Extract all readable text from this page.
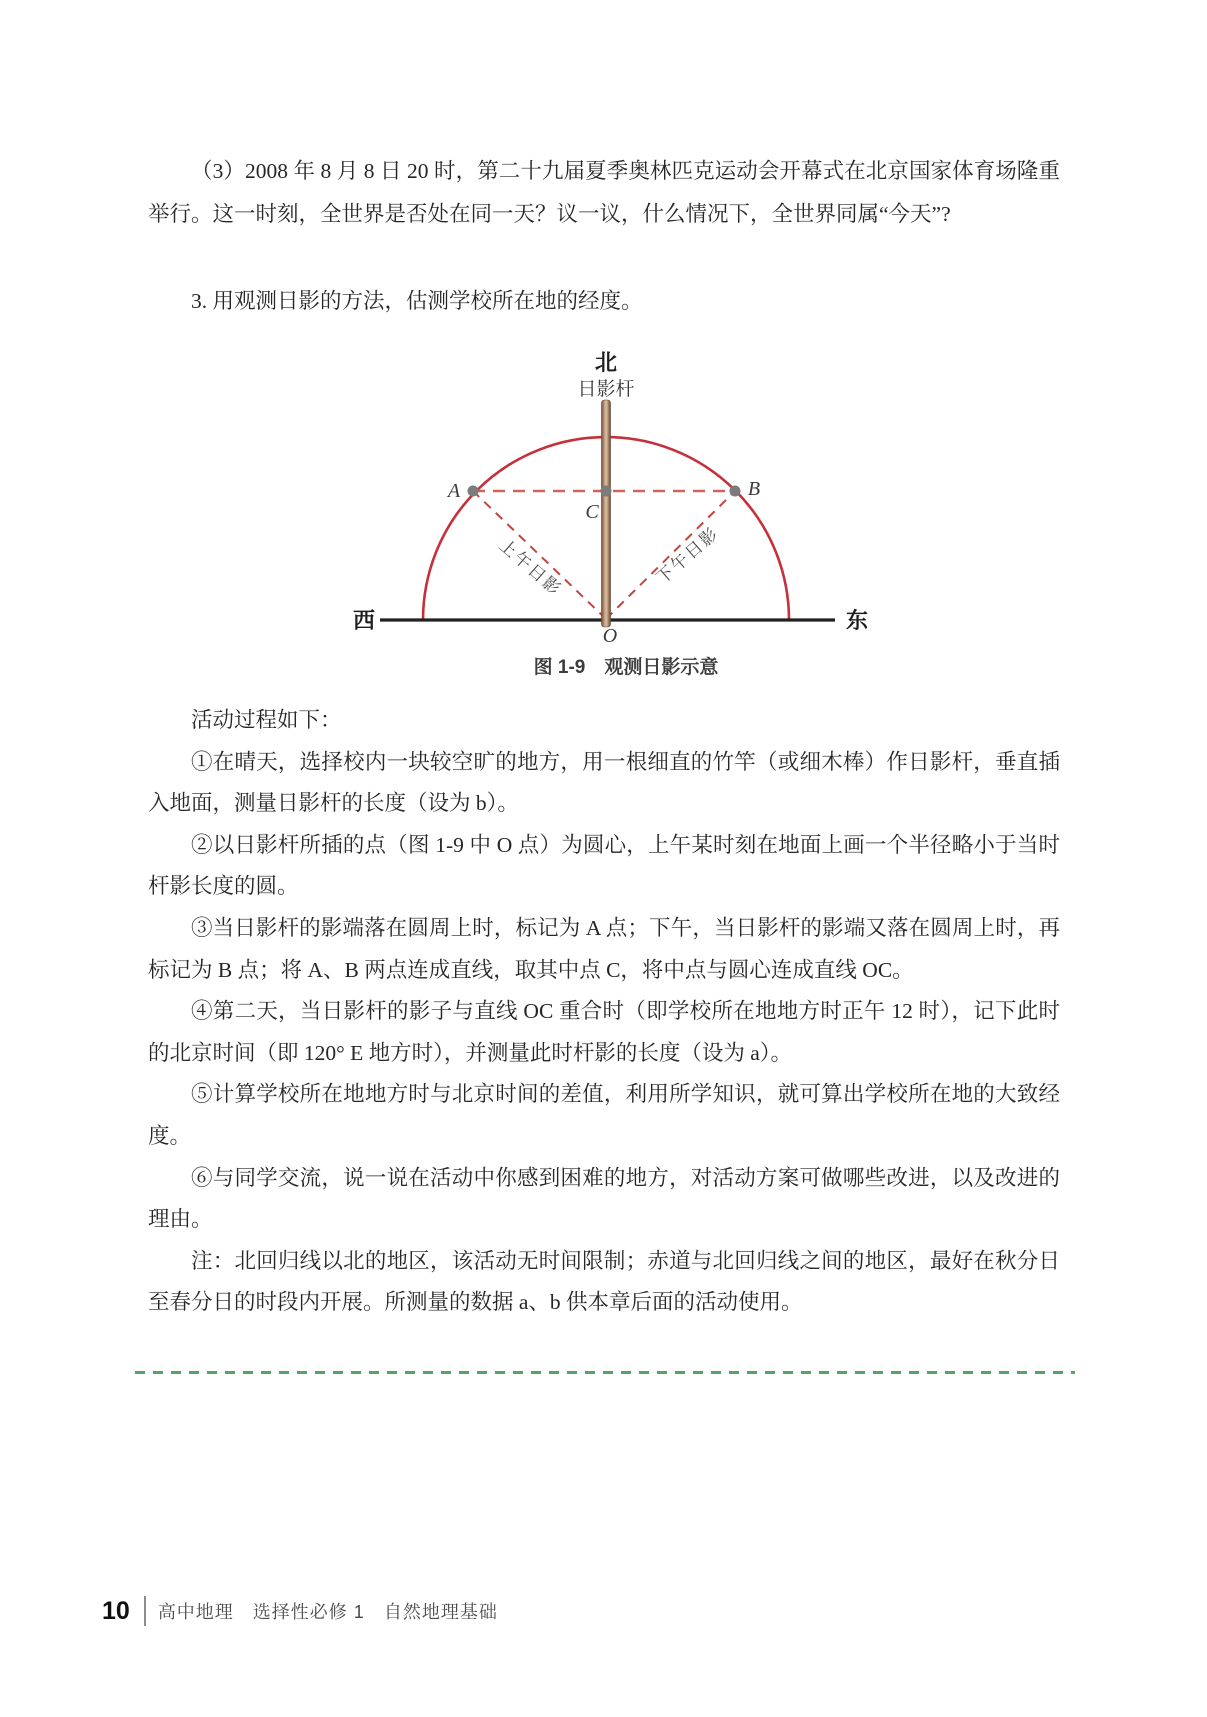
（3）2008 年 8 月 8 日 20 时，第二十九届夏季奥林匹克运动会开幕式在北京国家体育场隆重举行。这一时刻，全世界是否处在同一天？议一议，什么情况下，全世界同属“今天”?

3. 用观测日影的方法，估测学校所在地的经度。

北
日影杆
西	东
A	B
C
O
上午日影	下午日影
图 1-9　观测日影示意

活动过程如下：

①在晴天，选择校内一块较空旷的地方，用一根细直的竹竿（或细木棒）作日影杆，垂直插入地面，测量日影杆的长度（设为 b）。

②以日影杆所插的点（图 1-9 中 O 点）为圆心，上午某时刻在地面上画一个半径略小于当时杆影长度的圆。

③当日影杆的影端落在圆周上时，标记为 A 点；下午，当日影杆的影端又落在圆周上时，再标记为 B 点；将 A、B 两点连成直线，取其中点 C，将中点与圆心连成直线 OC。

④第二天，当日影杆的影子与直线 OC 重合时（即学校所在地地方时正午 12 时），记下此时的北京时间（即 120° E 地方时），并测量此时杆影的长度（设为 a）。

⑤计算学校所在地地方时与北京时间的差值，利用所学知识，就可算出学校所在地的大致经度。

⑥与同学交流，说一说在活动中你感到困难的地方，对活动方案可做哪些改进，以及改进的理由。

注：北回归线以北的地区，该活动无时间限制；赤道与北回归线之间的地区，最好在秋分日至春分日的时段内开展。所测量的数据 a、b 供本章后面的活动使用。

10 高中地理　选择性必修 1　自然地理基础
